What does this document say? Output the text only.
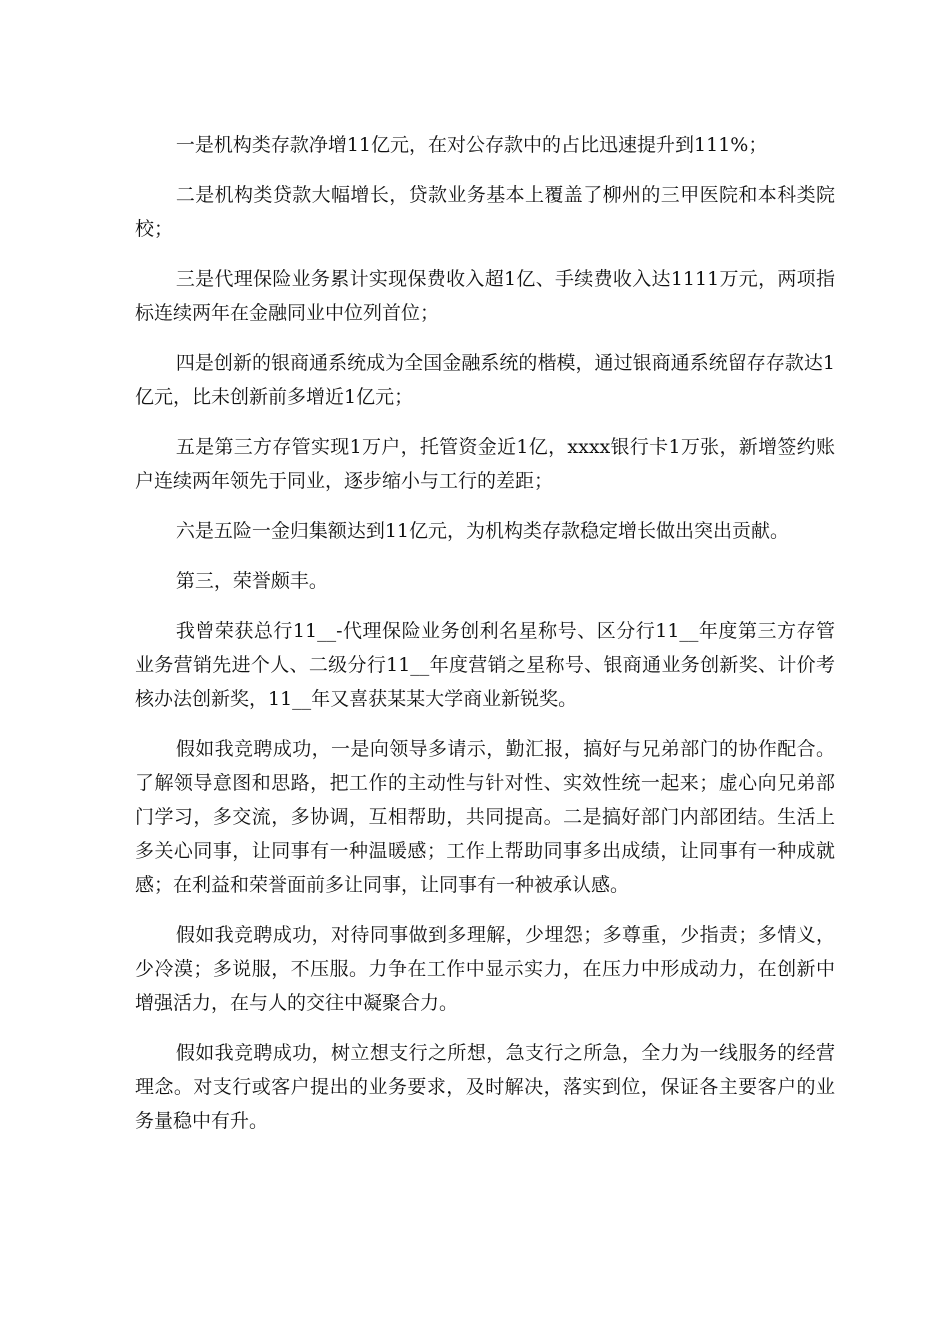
一是机构类存款净增11亿元，在对公存款中的占比迅速提升到111%；

二是机构类贷款大幅增长，贷款业务基本上覆盖了柳州的三甲医院和本科类院校；

三是代理保险业务累计实现保费收入超1亿、手续费收入达1111万元，两项指标连续两年在金融同业中位列首位；

四是创新的银商通系统成为全国金融系统的楷模，通过银商通系统留存存款达1亿元，比未创新前多增近1亿元；

五是第三方存管实现1万户，托管资金近1亿，xxxx银行卡1万张，新增签约账户连续两年领先于同业，逐步缩小与工行的差距；

六是五险一金归集额达到11亿元，为机构类存款稳定增长做出突出贡献。

第三，荣誉颇丰。

我曾荣获总行11__-代理保险业务创利名星称号、区分行11__年度第三方存管业务营销先进个人、二级分行11__年度营销之星称号、银商通业务创新奖、计价考核办法创新奖，11__年又喜获某某大学商业新锐奖。

假如我竞聘成功，一是向领导多请示，勤汇报，搞好与兄弟部门的协作配合。了解领导意图和思路，把工作的主动性与针对性、实效性统一起来；虚心向兄弟部门学习，多交流，多协调，互相帮助，共同提高。二是搞好部门内部团结。生活上多关心同事，让同事有一种温暖感；工作上帮助同事多出成绩，让同事有一种成就感；在利益和荣誉面前多让同事，让同事有一种被承认感。

假如我竞聘成功，对待同事做到多理解，少埋怨；多尊重，少指责；多情义，少冷漠；多说服，不压服。力争在工作中显示实力，在压力中形成动力，在创新中增强活力，在与人的交往中凝聚合力。

假如我竞聘成功，树立想支行之所想，急支行之所急，全力为一线服务的经营理念。对支行或客户提出的业务要求，及时解决，落实到位，保证各主要客户的业务量稳中有升。
